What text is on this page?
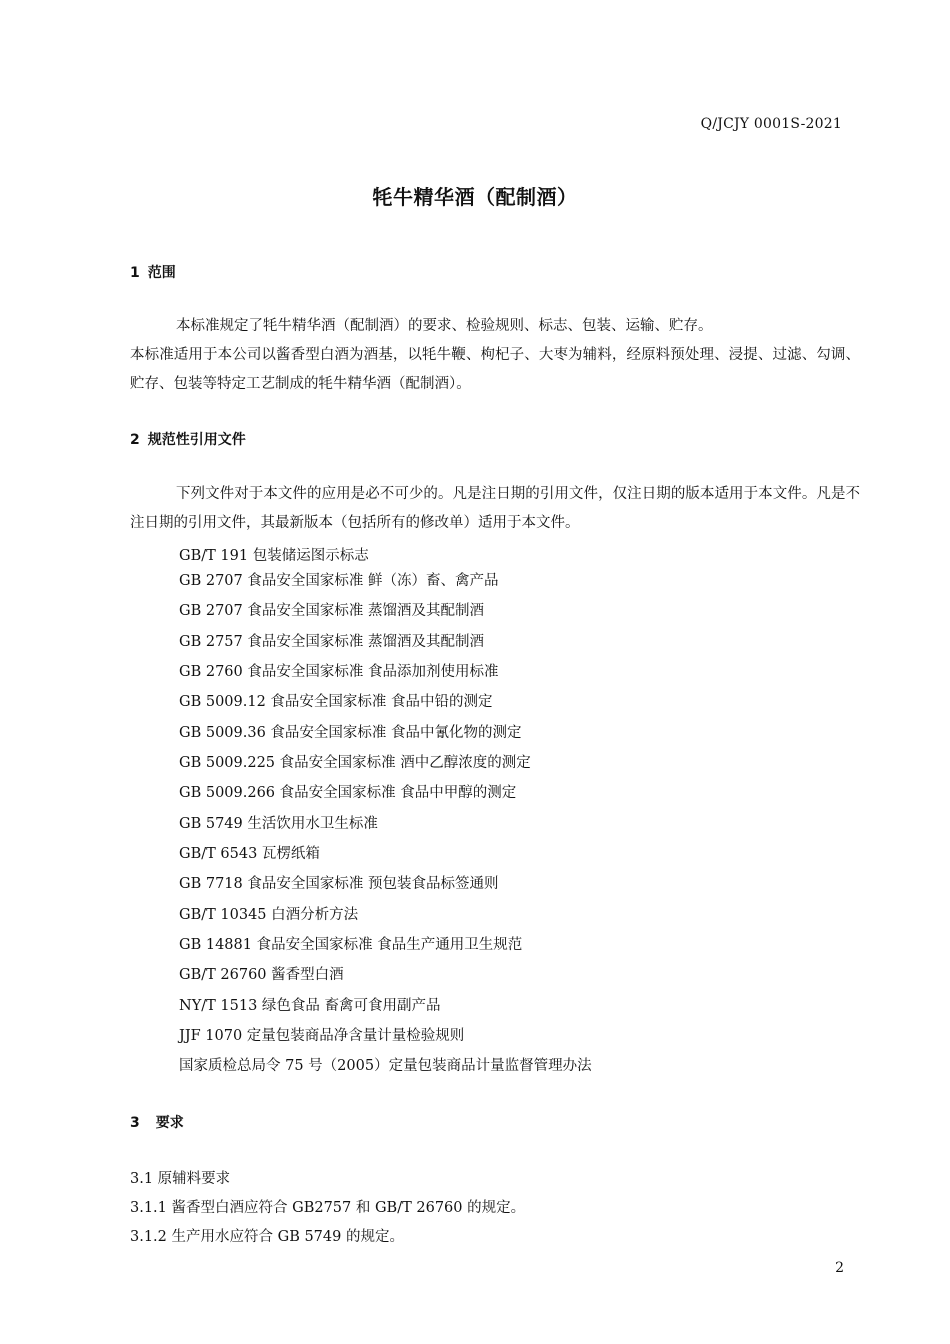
Q/JCJY 0001S-2021
牦牛精华酒（配制酒）
1 范围

本标准规定了牦牛精华酒（配制酒）的要求、检验规则、标志、包装、运输、贮存。

本标准适用于本公司以酱香型白酒为酒基，以牦牛鞭、枸杞子、大枣为辅料，经原料预处理、浸提、过滤、勾调、贮存、包装等特定工艺制成的牦牛精华酒（配制酒）。

2 规范性引用文件

下列文件对于本文件的应用是必不可少的。凡是注日期的引用文件，仅注日期的版本适用于本文件。凡是不注日期的引用文件，其最新版本（包括所有的修改单）适用于本文件。

GB/T 191 包装储运图示标志
GB 2707 食品安全国家标准 鲜（冻）畜、禽产品
GB 2707 食品安全国家标准 蒸馏酒及其配制酒
GB 2757 食品安全国家标准 蒸馏酒及其配制酒
GB 2760 食品安全国家标准 食品添加剂使用标准
GB 5009.12 食品安全国家标准 食品中铅的测定
GB 5009.36 食品安全国家标准 食品中氰化物的测定
GB 5009.225 食品安全国家标准 酒中乙醇浓度的测定
GB 5009.266 食品安全国家标准 食品中甲醇的测定
GB 5749 生活饮用水卫生标准
GB/T 6543 瓦楞纸箱
GB 7718 食品安全国家标准 预包装食品标签通则
GB/T 10345 白酒分析方法
GB 14881 食品安全国家标准 食品生产通用卫生规范
GB/T 26760 酱香型白酒
NY/T 1513 绿色食品 畜禽可食用副产品
JJF 1070 定量包装商品净含量计量检验规则
国家质检总局令 75 号（2005）定量包装商品计量监督管理办法
3 要求
3.1 原辅料要求
3.1.1 酱香型白酒应符合 GB2757 和 GB/T 26760 的规定。
3.1.2 生产用水应符合 GB 5749 的规定。
2
